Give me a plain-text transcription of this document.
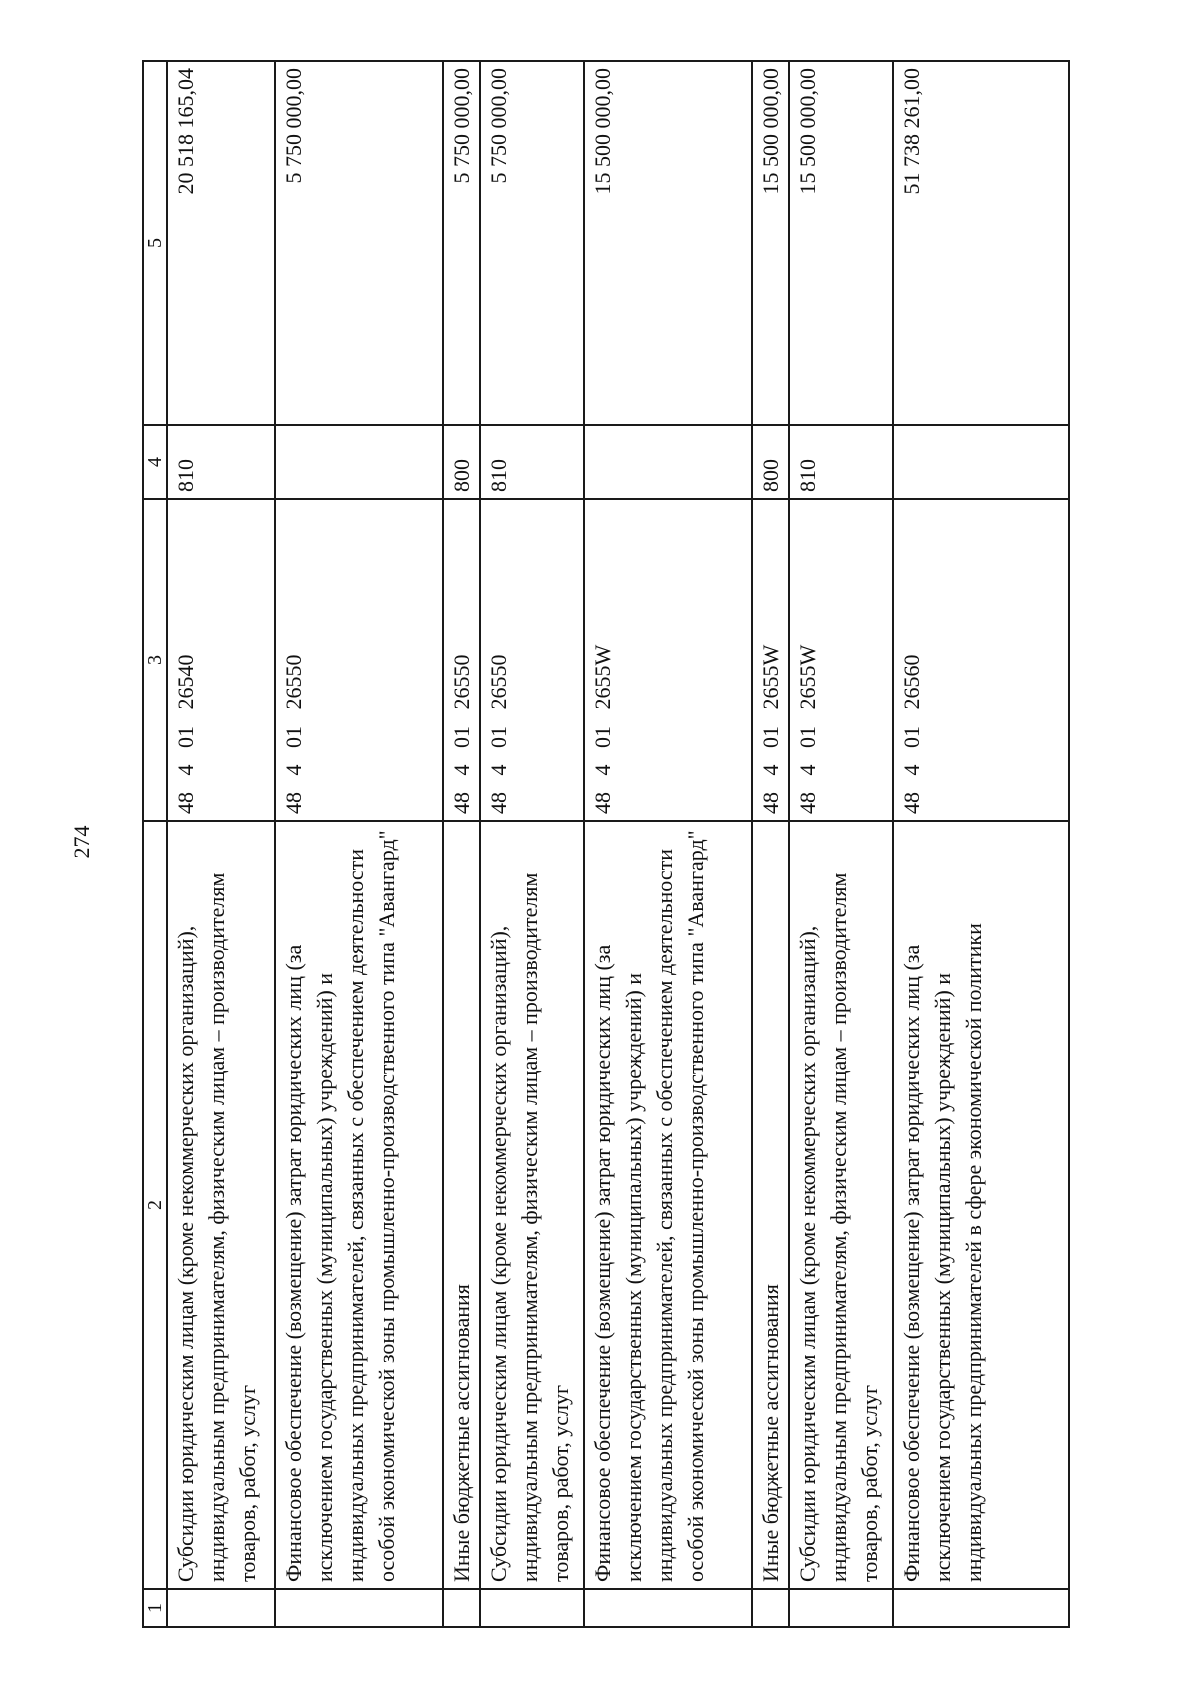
274
1	2	3	4	5
	Субсидии юридическим лицам (кроме некоммерческих организаций), индивидуальным предпринимателям, физическим лицам – производителям товаров, работ, услуг	48 4 01 26540	810	20 518 165,04
	Финансовое обеспечение (возмещение) затрат юридических лиц (за исключением государственных (муниципальных) учреждений) и индивидуальных предпринимателей, связанных с обеспечением деятельности особой экономической зоны промышленно-производственного типа "Авангард"	48 4 01 26550		5 750 000,00
	Иные бюджетные ассигнования	48 4 01 26550	800	5 750 000,00
	Субсидии юридическим лицам (кроме некоммерческих организаций), индивидуальным предпринимателям, физическим лицам – производителям товаров, работ, услуг	48 4 01 26550	810	5 750 000,00
	Финансовое обеспечение (возмещение) затрат юридических лиц (за исключением государственных (муниципальных) учреждений) и индивидуальных предпринимателей, связанных с обеспечением деятельности особой экономической зоны промышленно-производственного типа "Авангард"	48 4 01 2655W		15 500 000,00
	Иные бюджетные ассигнования	48 4 01 2655W	800	15 500 000,00
	Субсидии юридическим лицам (кроме некоммерческих организаций), индивидуальным предпринимателям, физическим лицам – производителям товаров, работ, услуг	48 4 01 2655W	810	15 500 000,00
	Финансовое обеспечение (возмещение) затрат юридических лиц (за исключением государственных (муниципальных) учреждений) и индивидуальных предпринимателей в сфере экономической политики	48 4 01 26560		51 738 261,00
